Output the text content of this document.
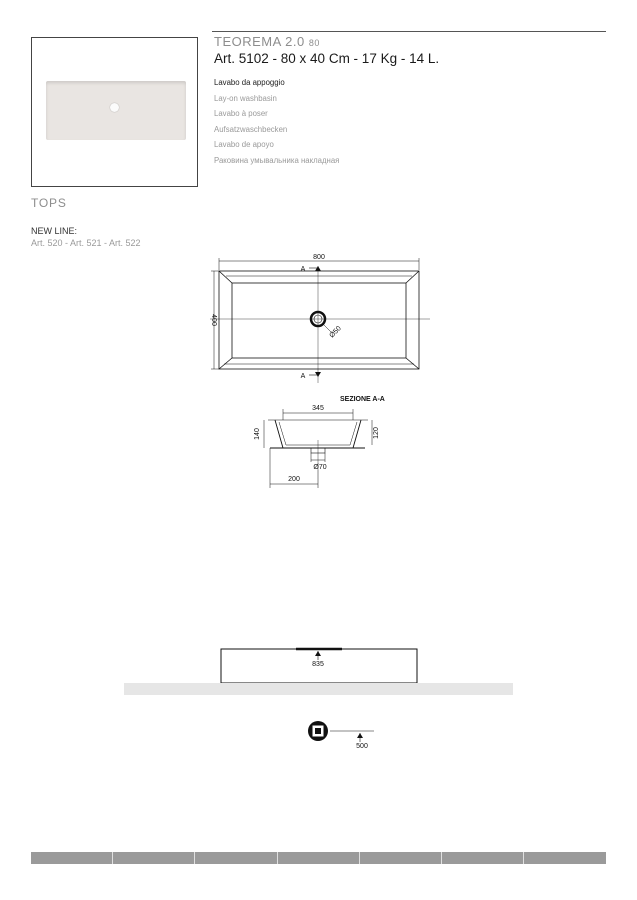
TEOREMA 2.0 80
Art. 5102 - 80 x 40 Cm - 17 Kg - 14 L.
Lavabo da appoggio
Lay-on washbasin
Lavabo à poser
Aufsatzwaschbecken
Lavabo de apoyo
Раковина умывальника накладная
TOPS
NEW LINE:
Art. 520 - Art. 521 - Art. 522
800
400
A
A
Ø50
SEZIONE A-A
345
140	120
Ø70
200
835
500
